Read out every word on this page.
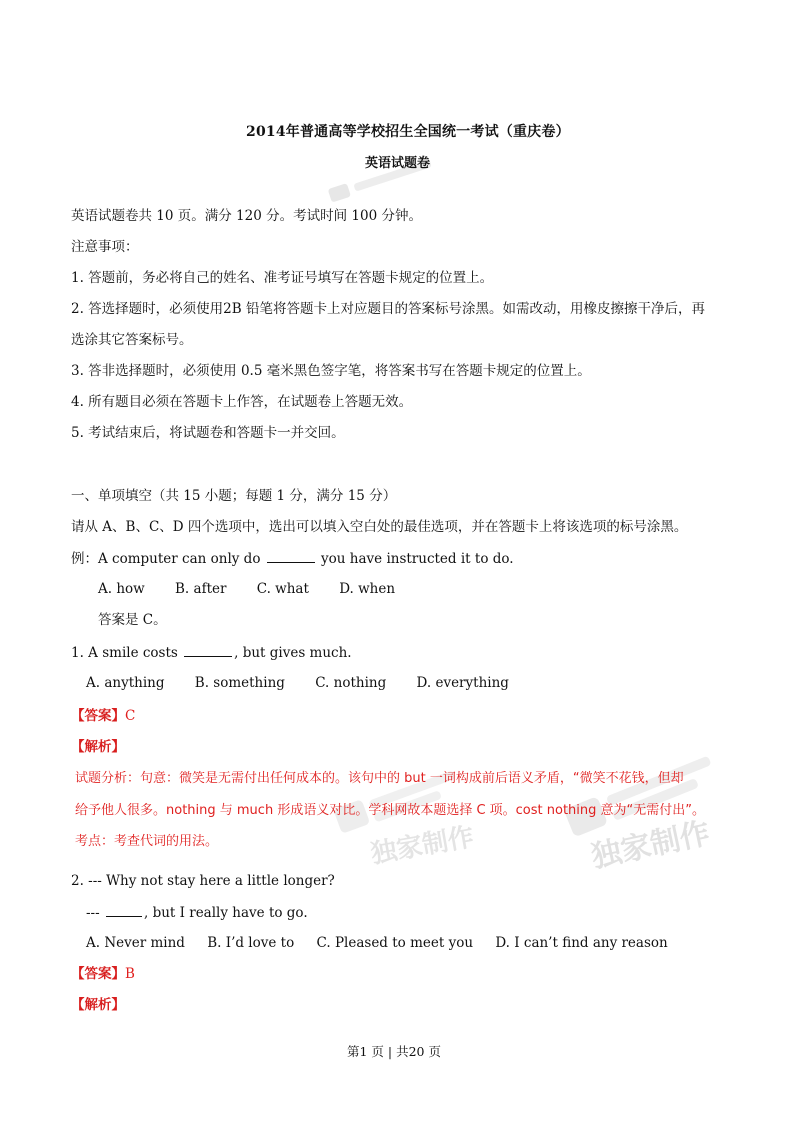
独家制作
独家制作
2014年普通高等学校招生全国统一考试（重庆卷）
英语试题卷
英语试题卷共 10 页。满分 120 分。考试时间 100 分钟。
注意事项：
1. 答题前，务必将自己的姓名、准考证号填写在答题卡规定的位置上。
2. 答选择题时，必须使用2B 铅笔将答题卡上对应题目的答案标号涂黑。如需改动，用橡皮擦擦干净后，再
选涂其它答案标号。
3. 答非选择题时，必须使用 0.5 毫米黑色签字笔，将答案书写在答题卡规定的位置上。
4. 所有题目必须在答题卡上作答，在试题卷上答题无效。
5. 考试结束后，将试题卷和答题卡一并交回。
一、单项填空（共 15 小题；每题 1 分，满分 15 分）
请从 A、B、C、D 四个选项中，选出可以填入空白处的最佳选项，并在答题卡上将该选项的标号涂黑。
例：A computer can only do	you have instructed it to do.
A. how B. after C. what D. when
答案是 C。
1. A smile costs	, but gives much.
A. anything B. something C. nothing D. everything
【答案】C
【解析】
试题分析：句意：微笑是无需付出任何成本的。该句中的 but 一词构成前后语义矛盾，“微笑不花钱，但却
给予他人很多。nothing 与 much 形成语义对比。学科网故本题选择 C 项。cost nothing 意为“无需付出”。
考点：考查代词的用法。
2. --- Why not stay here a little longer?
---	, but I really have to go.
A. Never mind B. I’d love to C. Pleased to meet you D. I can’t find any reason
【答案】B
【解析】
第1 页 | 共20 页
